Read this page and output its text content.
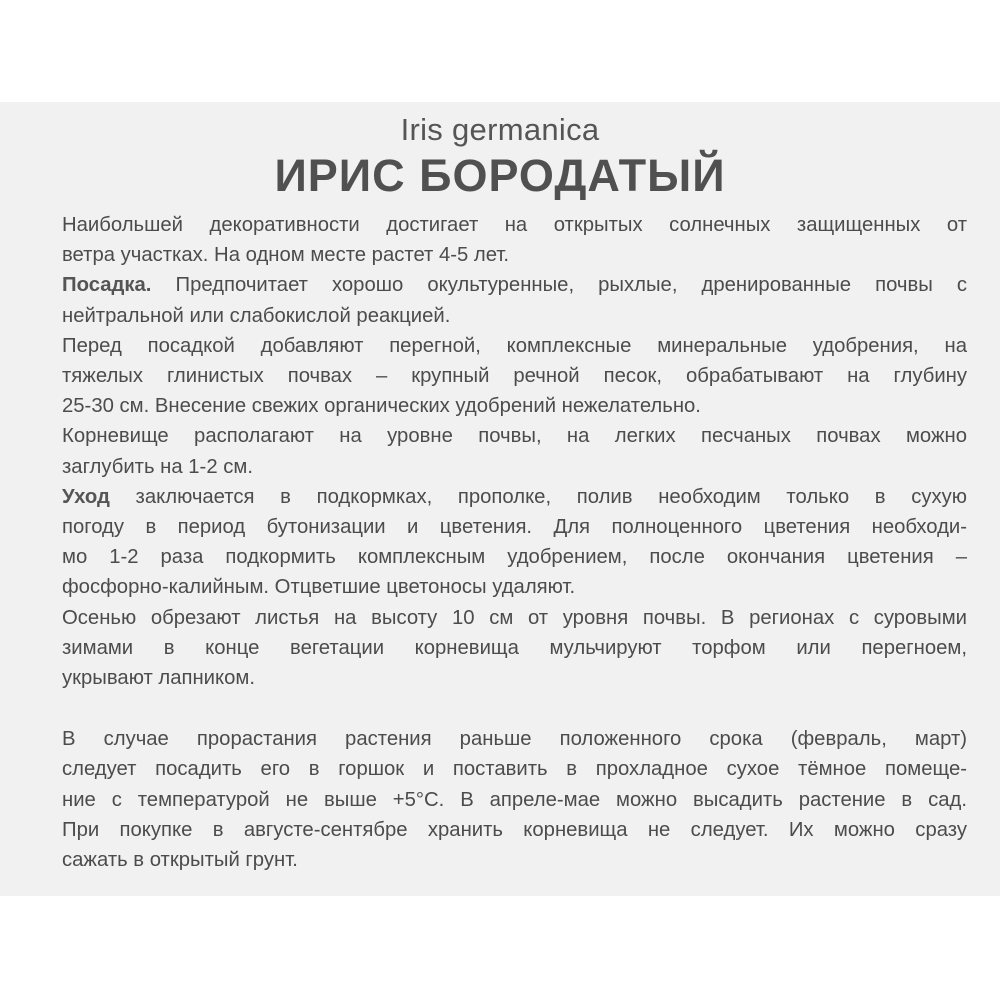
Iris germanica
ИРИС БОРОДАТЫЙ
Наибольшей декоративности достигает на открытых солнечных защищенных от
ветра участках. На одном месте растет 4-5 лет.
Посадка. Предпочитает хорошо окультуренные, рыхлые, дренированные почвы с
нейтральной или слабокислой реакцией.
Перед посадкой добавляют перегной, комплексные минеральные удобрения, на
тяжелых глинистых почвах – крупный речной песок, обрабатывают на глубину
25-30 см. Внесение свежих органических удобрений нежелательно.
Корневище располагают на уровне почвы, на легких песчаных почвах можно
заглубить на 1-2 см.
Уход заключается в подкормках, прополке, полив необходим только в сухую
погоду в период бутонизации и цветения. Для полноценного цветения необходи-
мо 1-2 раза подкормить комплексным удобрением, после окончания цветения –
фосфорно-калийным. Отцветшие цветоносы удаляют.
Осенью обрезают листья на высоту 10 см от уровня почвы. В регионах с суровыми
зимами в конце вегетации корневища мульчируют торфом или перегноем,
укрывают лапником.
В случае прорастания растения раньше положенного срока (февраль, март)
следует посадить его в горшок и поставить в прохладное сухое тёмное помеще-
ние с температурой не выше +5°С. В апреле-мае можно высадить растение в сад.
При покупке в августе-сентябре хранить корневища не следует. Их можно сразу
сажать в открытый грунт.
